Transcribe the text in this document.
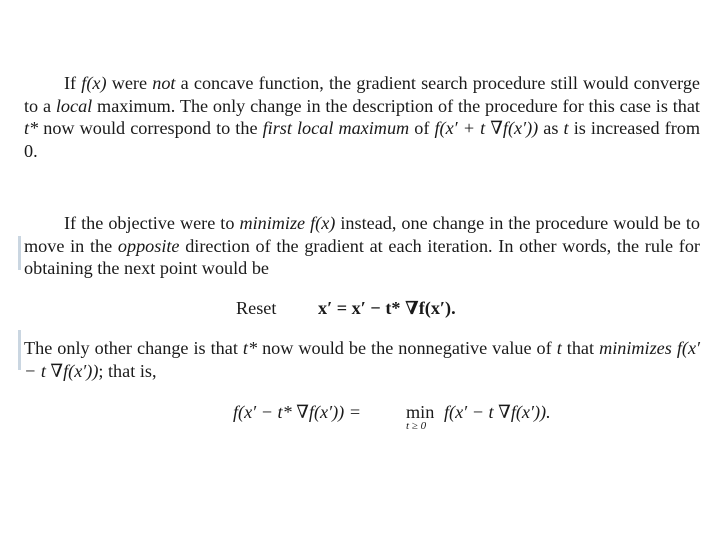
If f(x) were not a concave function, the gradient search procedure still would converge to a local maximum. The only change in the description of the procedure for this case is that t* now would correspond to the first local maximum of f(x′ + t ∇f(x′)) as t is increased from 0.
If the objective were to minimize f(x) instead, one change in the procedure would be to move in the opposite direction of the gradient at each iteration. In other words, the rule for obtaining the next point would be
Reset x′ = x′ − t* ∇f(x′).
The only other change is that t* now would be the nonnegative value of t that minimizes f(x′ − t ∇f(x′)); that is,
f(x′ − t* ∇f(x′)) = min
t ≥ 0
f(x′ − t ∇f(x′)).
